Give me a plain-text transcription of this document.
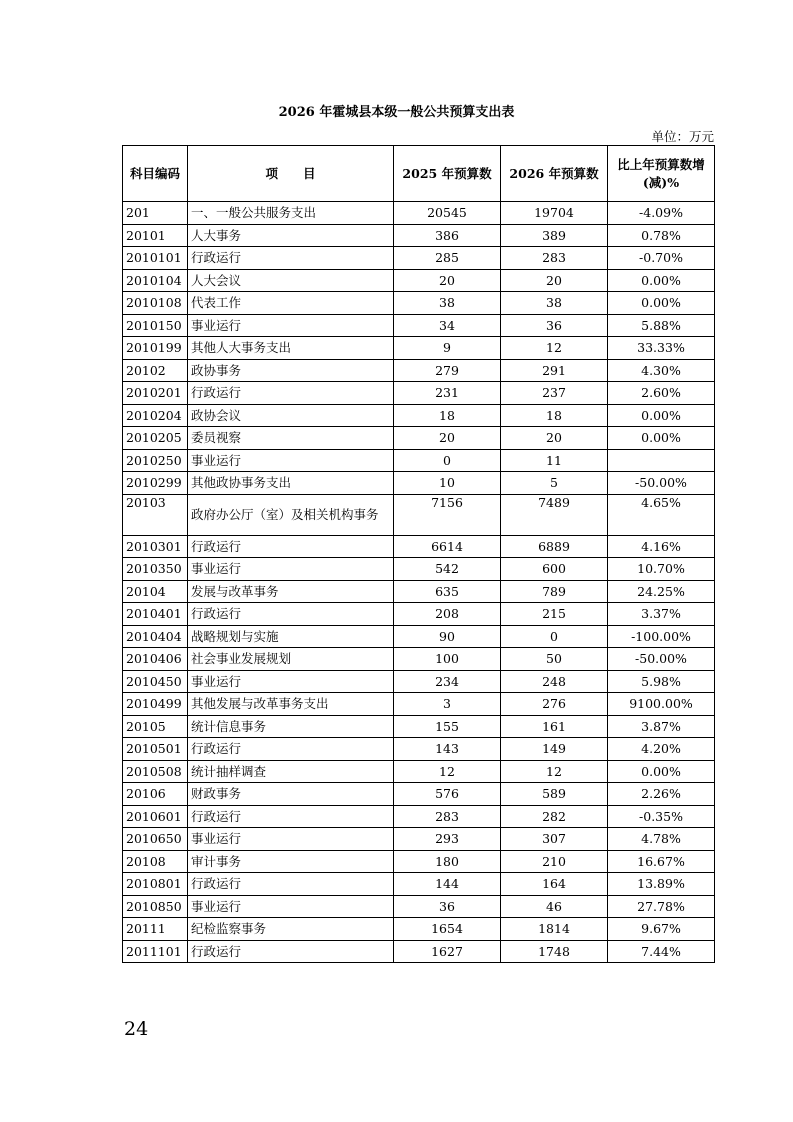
2026 年霍城县本级一般公共预算支出表
单位：万元
科目编码	项　　目	2025 年预算数	2026 年预算数	比上年预算数增(减)%
201	一、一般公共服务支出	20545	19704	-4.09%
20101	人大事务	386	389	0.78%
2010101	行政运行	285	283	-0.70%
2010104	人大会议	20	20	0.00%
2010108	代表工作	38	38	0.00%
2010150	事业运行	34	36	5.88%
2010199	其他人大事务支出	9	12	33.33%
20102	政协事务	279	291	4.30%
2010201	行政运行	231	237	2.60%
2010204	政协会议	18	18	0.00%
2010205	委员视察	20	20	0.00%
2010250	事业运行	0	11	
2010299	其他政协事务支出	10	5	-50.00%
20103	政府办公厅（室）及相关机构事务	7156	7489	4.65%
2010301	行政运行	6614	6889	4.16%
2010350	事业运行	542	600	10.70%
20104	发展与改革事务	635	789	24.25%
2010401	行政运行	208	215	3.37%
2010404	战略规划与实施	90	0	-100.00%
2010406	社会事业发展规划	100	50	-50.00%
2010450	事业运行	234	248	5.98%
2010499	其他发展与改革事务支出	3	276	9100.00%
20105	统计信息事务	155	161	3.87%
2010501	行政运行	143	149	4.20%
2010508	统计抽样调查	12	12	0.00%
20106	财政事务	576	589	2.26%
2010601	行政运行	283	282	-0.35%
2010650	事业运行	293	307	4.78%
20108	审计事务	180	210	16.67%
2010801	行政运行	144	164	13.89%
2010850	事业运行	36	46	27.78%
20111	纪检监察事务	1654	1814	9.67%
2011101	行政运行	1627	1748	7.44%
24
